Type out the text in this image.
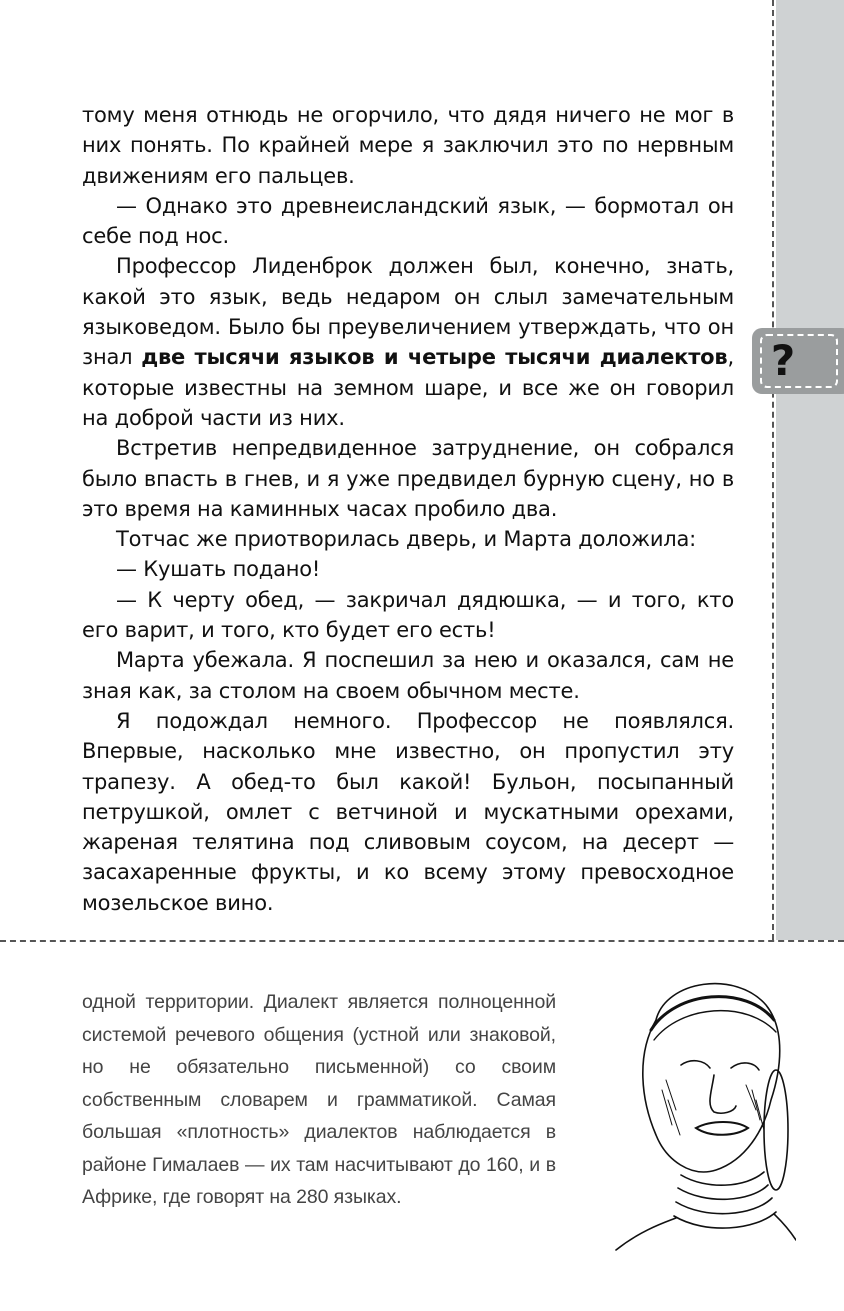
?

тому меня отнюдь не огорчило, что дядя ничего не мог в них понять. По крайней мере я заключил это по нервным движениям его пальцев.

— Однако это древнеисландский язык, — бормотал он себе под нос.

Профессор Лиденброк должен был, конечно, знать, какой это язык, ведь недаром он слыл замечательным языковедом. Было бы преувеличением утверждать, что он знал две тысячи языков и четыре тысячи диалектов, которые известны на земном шаре, и все же он говорил на доброй части из них.

Встретив непредвиденное затруднение, он собрался было впасть в гнев, и я уже предвидел бурную сцену, но в это время на каминных часах пробило два.

Тотчас же приотворилась дверь, и Марта доложила:

— Кушать подано!

— К черту обед, — закричал дядюшка, — и того, кто его варит, и того, кто будет его есть!

Марта убежала. Я поспешил за нею и оказался, сам не зная как, за столом на своем обычном месте.

Я подождал немного. Профессор не появлялся. Впервые, насколько мне известно, он пропустил эту трапезу. А обед-то был какой! Бульон, посыпанный петрушкой, омлет с ветчиной и мускатными орехами, жареная телятина под сливовым соусом, на десерт — засахаренные фрукты, и ко всему этому превосходное мозельское вино.

одной территории. Диалект является полноценной системой речевого общения (устной или знаковой, но не обязательно письменной) со своим собственным словарем и грамматикой. Самая большая «плотность» диалектов наблюдается в районе Гималаев — их там насчитывают до 160, и в Африке, где говорят на 280 языках.
